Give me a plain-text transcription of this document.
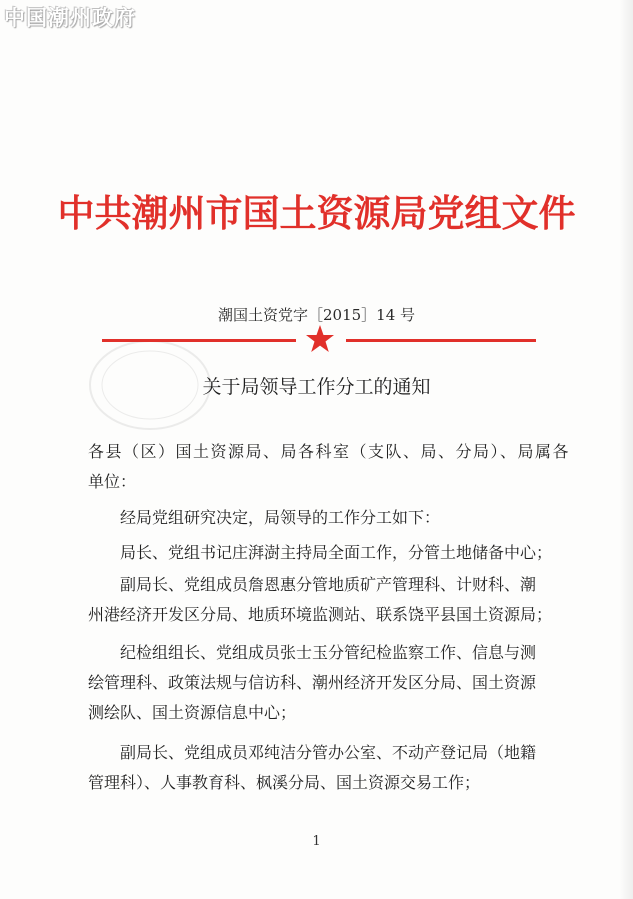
中国潮州政府
中共潮州市国土资源局党组文件
潮国土资党字［2015］14 号
关于局领导工作分工的通知
各县（区）国土资源局、局各科室（支队、局、分局）、局属各
单位：
经局党组研究决定，局领导的工作分工如下：
局长、党组书记庄湃澍主持局全面工作，分管土地储备中心；
副局长、党组成员詹恩惠分管地质矿产管理科、计财科、潮
州港经济开发区分局、地质环境监测站、联系饶平县国土资源局；
纪检组组长、党组成员张士玉分管纪检监察工作、信息与测
绘管理科、政策法规与信访科、潮州经济开发区分局、国土资源
测绘队、国土资源信息中心；
副局长、党组成员邓纯洁分管办公室、不动产登记局（地籍
管理科）、人事教育科、枫溪分局、国土资源交易工作；
1
